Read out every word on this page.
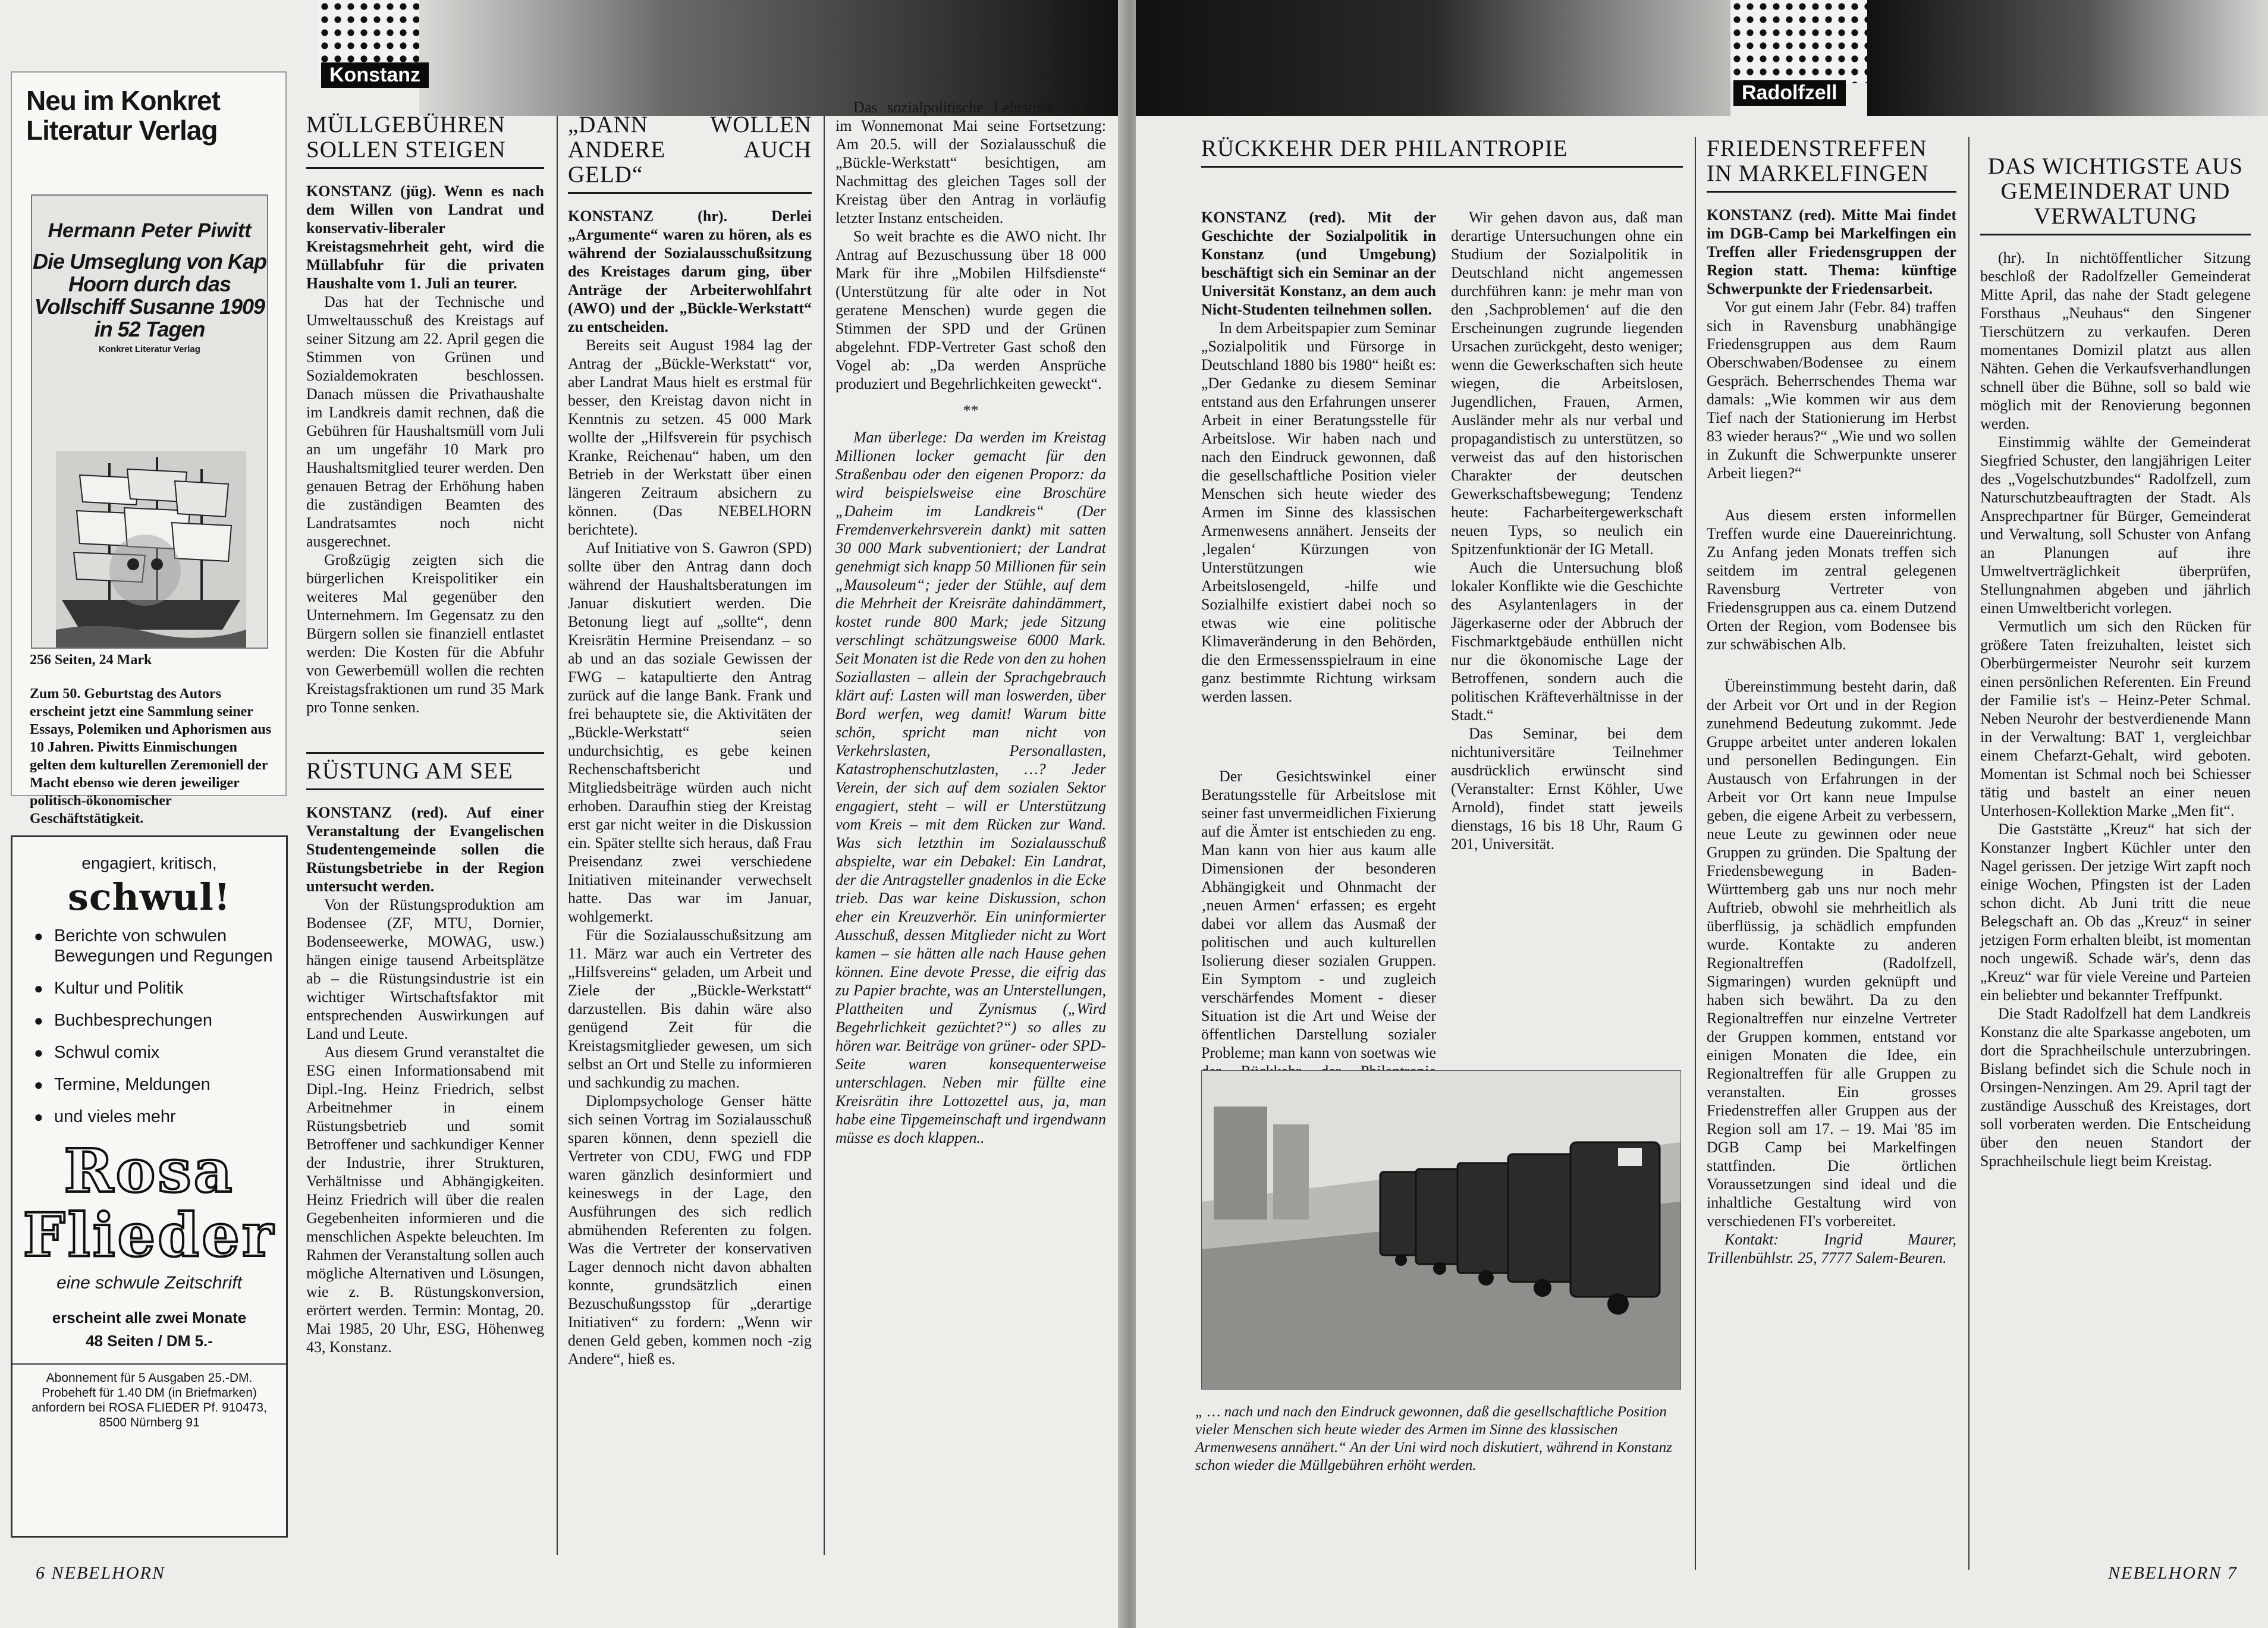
Konstanz
Neu im Konkret Literatur Verlag
Hermann Peter Piwitt
Die Umseglung von Kap Hoorn durch das Vollschiff Susanne 1909 in 52 Tagen
Konkret Literatur Verlag
256 Seiten, 24 Mark
Zum 50. Geburtstag des Autors erscheint jetzt eine Sammlung seiner Essays, Polemiken und Aphorismen aus 10 Jahren. Piwitts Einmischungen gelten dem kulturellen Zeremoniell der Macht ebenso wie deren jeweiliger politisch-ökonomischer Geschäftstätigkeit.
engagiert, kritisch,
schwul!
● Berichte von schwulen Bewegungen und Regungen
● Kultur und Politik
● Buchbesprechungen
● Schwul comix
● Termine, Meldungen
● und vieles mehr
Rosa
Flieder
eine schwule Zeitschrift
erscheint alle zwei Monate
48 Seiten / DM 5.-
Abonnement für 5 Ausgaben 25.-DM. Probeheft für 1.40 DM (in Briefmarken) anfordern bei ROSA FLIEDER Pf. 910473, 8500 Nürnberg 91
MÜLLGEBÜHREN SOLLEN STEIGEN

KONSTANZ (jüg). Wenn es nach dem Willen von Landrat und konservativ-liberaler Kreistagsmehrheit geht, wird die Müllabfuhr für die privaten Haushalte vom 1. Juli an teurer.

Das hat der Technische und Umweltausschuß des Kreistags auf seiner Sitzung am 22. April gegen die Stimmen von Grünen und Sozialdemokraten beschlossen. Danach müssen die Privathaushalte im Landkreis damit rechnen, daß die Gebühren für Haushaltsmüll vom Juli an um ungefähr 10 Mark pro Haushaltsmitglied teurer werden. Den genauen Betrag der Erhöhung haben die zuständigen Beamten des Landratsamtes noch nicht ausgerechnet.

Großzügig zeigten sich die bürgerlichen Kreispolitiker ein weiteres Mal gegenüber den Unternehmern. Im Gegensatz zu den Bürgern sollen sie finanziell entlastet werden: Die Kosten für die Abfuhr von Gewerbemüll wollen die rechten Kreistagsfraktionen um rund 35 Mark pro Tonne senken.

RÜSTUNG AM SEE

KONSTANZ (red). Auf einer Veranstaltung der Evangelischen Studentengemeinde sollen die Rüstungsbetriebe in der Region untersucht werden.

Von der Rüstungsproduktion am Bodensee (ZF, MTU, Dornier, Bodenseewerke, MOWAG, usw.) hängen einige tausend Arbeitsplätze ab – die Rüstungsindustrie ist ein wichtiger Wirtschaftsfaktor mit entsprechenden Auswirkungen auf Land und Leute.

Aus diesem Grund veranstaltet die ESG einen Informationsabend mit Dipl.-Ing. Heinz Friedrich, selbst Arbeitnehmer in einem Rüstungsbetrieb und somit Betroffener und sachkundiger Kenner der Industrie, ihrer Strukturen, Verhältnisse und Abhängigkeiten. Heinz Friedrich will über die realen Gegebenheiten informieren und die menschlichen Aspekte beleuchten. Im Rahmen der Veranstaltung sollen auch mögliche Alternativen und Lösungen, wie z. B. Rüstungskonversion, erörtert werden. Termin: Montag, 20. Mai 1985, 20 Uhr, ESG, Höhenweg 43, Konstanz.

„DANN WOLLEN ANDERE AUCH GELD“

KONSTANZ (hr). Derlei „Argumente“ waren zu hören, als es während der Sozialausschußsitzung des Kreistages darum ging, über Anträge der Arbeiterwohlfahrt (AWO) und der „Bückle-Werkstatt“ zu entscheiden.

Bereits seit August 1984 lag der Antrag der „Bückle-Werkstatt“ vor, aber Landrat Maus hielt es erstmal für besser, den Kreistag davon nicht in Kenntnis zu setzen. 45 000 Mark wollte der „Hilfsverein für psychisch Kranke, Reichenau“ haben, um den Betrieb in der Werkstatt über einen längeren Zeitraum absichern zu können. (Das NEBELHORN berichtete).

Auf Initiative von S. Gawron (SPD) sollte über den Antrag dann doch während der Haushaltsberatungen im Januar diskutiert werden. Die Betonung liegt auf „sollte“, denn Kreisrätin Hermine Preisendanz – so ab und an das soziale Gewissen der FWG – katapultierte den Antrag zurück auf die lange Bank. Frank und frei behauptete sie, die Aktivitäten der „Bückle-Werkstatt“ seien undurchsichtig, es gebe keinen Rechenschaftsbericht und Mitgliedsbeiträge würden auch nicht erhoben. Daraufhin stieg der Kreistag erst gar nicht weiter in die Diskussion ein. Später stellte sich heraus, daß Frau Preisendanz zwei verschiedene Initiativen miteinander verwechselt hatte. Das war im Januar, wohlgemerkt.

Für die Sozialausschußsitzung am 11. März war auch ein Vertreter des „Hilfsvereins“ geladen, um Arbeit und Ziele der „Bückle-Werkstatt“ darzustellen. Bis dahin wäre also genügend Zeit für die Kreistagsmitglieder gewesen, um sich selbst an Ort und Stelle zu informieren und sachkundig zu machen.

Diplompsychologe Genser hätte sich seinen Vortrag im Sozialausschuß sparen können, denn speziell die Vertreter von CDU, FWG und FDP waren gänzlich desinformiert und keineswegs in der Lage, den Ausführungen des sich redlich abmühenden Referenten zu folgen. Was die Vertreter der konservativen Lager dennoch nicht davon abhalten konnte, grundsätzlich einen Bezuschußungsstop für „derartige Initiativen“ zu fordern: „Wenn wir denen Geld geben, kommen noch -zig Andere“, hieß es.

Das sozialpolitische Lehrstück erfährt im Wonnemonat Mai seine Fortsetzung: Am 20.5. will der Sozialausschuß die „Bückle-Werkstatt“ besichtigen, am Nachmittag des gleichen Tages soll der Kreistag über den Antrag in vorläufig letzter Instanz entscheiden.

So weit brachte es die AWO nicht. Ihr Antrag auf Bezuschussung über 18 000 Mark für ihre „Mobilen Hilfsdienste“ (Unterstützung für alte oder in Not geratene Menschen) wurde gegen die Stimmen der SPD und der Grünen abgelehnt. FDP-Vertreter Gast schoß den Vogel ab: „Da werden Ansprüche produziert und Begehrlichkeiten geweckt“.

**

Man überlege: Da werden im Kreistag Millionen locker gemacht für den Straßenbau oder den eigenen Proporz: da wird beispielsweise eine Broschüre „Daheim im Landkreis“ (Der Fremdenverkehrsverein dankt) mit satten 30 000 Mark subventioniert; der Landrat genehmigt sich knapp 50 Millionen für sein „Mausoleum“; jeder der Stühle, auf dem die Mehrheit der Kreisräte dahindämmert, kostet runde 800 Mark; jede Sitzung verschlingt schätzungsweise 6000 Mark. Seit Monaten ist die Rede von den zu hohen Soziallasten – allein der Sprachgebrauch klärt auf: Lasten will man loswerden, über Bord werfen, weg damit! Warum bitte schön, spricht man nicht von Verkehrslasten, Personallasten, Katastrophenschutzlasten, …? Jeder Verein, der sich auf dem sozialen Sektor engagiert, steht – will er Unterstützung vom Kreis – mit dem Rücken zur Wand. Was sich letzthin im Sozialausschuß abspielte, war ein Debakel: Ein Landrat, der die Antragsteller gnadenlos in die Ecke trieb. Das war keine Diskussion, schon eher ein Kreuzverhör. Ein uninformierter Ausschuß, dessen Mitglieder nicht zu Wort kamen – sie hätten alle nach Hause gehen können. Eine devote Presse, die eifrig das zu Papier brachte, was an Unterstellungen, Plattheiten und Zynismus („Wird Begehrlichkeit gezüchtet?“) so alles zu hören war. Beiträge von grüner- oder SPD-Seite waren konsequenterweise unterschlagen. Neben mir füllte eine Kreisrätin ihre Lottozettel aus, ja, man habe eine Tipgemeinschaft und irgendwann müsse es doch klappen..

6 NEBELHORN
Radolfzell
RÜCKKEHR DER PHILANTROPIE

KONSTANZ (red). Mit der Geschichte der Sozialpolitik in Konstanz (und Umgebung) beschäftigt sich ein Seminar an der Universität Konstanz, an dem auch Nicht-Studenten teilnehmen sollen.

In dem Arbeitspapier zum Seminar „Sozialpolitik und Fürsorge in Deutschland 1880 bis 1980“ heißt es: „Der Gedanke zu diesem Seminar entstand aus den Erfahrungen unserer Arbeit in einer Beratungsstelle für Arbeitslose. Wir haben nach und nach den Eindruck gewonnen, daß die gesellschaftliche Position vieler Menschen sich heute wieder des Armen im Sinne des klassischen Armenwesens annähert. Jenseits der ‚legalen‘ Kürzungen von Unterstützungen wie Arbeitslosengeld, -hilfe und Sozialhilfe existiert dabei noch so etwas wie eine politische Klimaveränderung in den Behörden, die den Ermessensspielraum in eine ganz bestimmte Richtung wirksam werden lassen.

Wir gehen davon aus, daß man derartige Untersuchungen ohne ein Studium der Sozialpolitik in Deutschland nicht angemessen durchführen kann: je mehr man von den ‚Sachproblemen‘ auf die den Erscheinungen zugrunde liegenden Ursachen zurückgeht, desto weniger; wenn die Gewerkschaften sich heute wiegen, die Arbeitslosen, Jugendlichen, Frauen, Armen, Ausländer mehr als nur verbal und propagandistisch zu unterstützen, so verweist das auf den historischen Charakter der deutschen Gewerkschaftsbewegung; Tendenz heute: Facharbeitergewerkschaft neuen Typs, so neulich ein Spitzenfunktionär der IG Metall.

Auch die Untersuchung bloß lokaler Konflikte wie die Geschichte des Asylantenlagers in der Jägerkaserne oder der Abbruch der Fischmarktgebäude enthüllen nicht nur die ökonomische Lage der Betroffenen, sondern auch die politischen Kräfteverhältnisse in der Stadt.“

Das Seminar, bei dem nichtuniversitäre Teilnehmer ausdrücklich erwünscht sind (Veranstalter: Ernst Köhler, Uwe Arnold), findet statt jeweils dienstags, 16 bis 18 Uhr, Raum G 201, Universität.

Der Gesichtswinkel einer Beratungsstelle für Arbeitslose mit seiner fast unvermeidlichen Fixierung auf die Ämter ist entschieden zu eng. Man kann von hier aus kaum alle Dimensionen der besonderen Abhängigkeit und Ohnmacht der ‚neuen Armen‘ erfassen; es ergeht dabei vor allem das Ausmaß der politischen und auch kulturellen Isolierung dieser sozialen Gruppen. Ein Symptom - und zugleich verschärfendes Moment - dieser Situation ist die Art und Weise der öffentlichen Darstellung sozialer Probleme; man kann von soetwas wie

„ … nach und nach den Eindruck gewonnen, daß die gesellschaftliche Position vieler Menschen sich heute wieder des Armen im Sinne des klassischen Armenwesens annähert.“ An der Uni wird noch diskutiert, während in Konstanz schon wieder die Müllgebühren erhöht werden.
FRIEDENSTREFFEN IN MARKELFINGEN

KONSTANZ (red). Mitte Mai findet im DGB-Camp bei Markelfingen ein Treffen aller Friedensgruppen der Region statt. Thema: künftige Schwerpunkte der Friedensarbeit.

Vor gut einem Jahr (Febr. 84) traffen sich in Ravensburg unabhängige Friedensgruppen aus dem Raum Oberschwaben/Bodensee zu einem Gespräch. Beherrschendes Thema war damals: „Wie kommen wir aus dem Tief nach der Stationierung im Herbst 83 wieder heraus?“ „Wie und wo sollen in Zukunft die Schwerpunkte unserer Arbeit liegen?“

Aus diesem ersten informellen Treffen wurde eine Dauereinrichtung. Zu Anfang jeden Monats treffen sich seitdem im zentral gelegenen Ravensburg Vertreter von Friedensgruppen aus ca. einem Dutzend Orten der Region, vom Bodensee bis zur schwäbischen Alb.

Übereinstimmung besteht darin, daß der Arbeit vor Ort und in der Region zunehmend Bedeutung zukommt. Jede Gruppe arbeitet unter anderen lokalen und personellen Bedingungen. Ein Austausch von Erfahrungen in der Arbeit vor Ort kann neue Impulse geben, die eigene Arbeit zu verbessern, neue Leute zu gewinnen oder neue Gruppen zu gründen. Die Spaltung der Friedensbewegung in Baden-Württemberg gab uns nur noch mehr Auftrieb, obwohl sie mehrheitlich als überflüssig, ja schädlich empfunden wurde. Kontakte zu anderen Regionaltreffen (Radolfzell, Sigmaringen) wurden geknüpft und haben sich bewährt. Da zu den Regionaltreffen nur einzelne Vertreter der Gruppen kommen, entstand vor einigen Monaten die Idee, ein Regionaltreffen für alle Gruppen zu veranstalten. Ein grosses Friedenstreffen aller Gruppen aus der Region soll am 17. – 19. Mai '85 im DGB Camp bei Markelfingen stattfinden. Die örtlichen Voraussetzungen sind ideal und die inhaltliche Gestaltung wird von verschiedenen FI's vorbereitet.

Kontakt: Ingrid Maurer, Trillenbühlstr. 25, 7777 Salem-Beuren.

DAS WICHTIGSTE AUS GEMEINDERAT UND VERWALTUNG

(hr). In nichtöffentlicher Sitzung beschloß der Radolfzeller Gemeinderat Mitte April, das nahe der Stadt gelegene Forsthaus „Neuhaus“ den Singener Tierschützern zu verkaufen. Deren momentanes Domizil platzt aus allen Nähten. Gehen die Verkaufsverhandlungen schnell über die Bühne, soll so bald wie möglich mit der Renovierung begonnen werden.

Einstimmig wählte der Gemeinderat Siegfried Schuster, den langjährigen Leiter des „Vogelschutzbundes“ Radolfzell, zum Naturschutzbeauftragten der Stadt. Als Ansprechpartner für Bürger, Gemeinderat und Verwaltung, soll Schuster von Anfang an Planungen auf ihre Umweltverträglichkeit überprüfen, Stellungnahmen abgeben und jährlich einen Umweltbericht vorlegen.

Vermutlich um sich den Rücken für größere Taten freizuhalten, leistet sich Oberbürgermeister Neurohr seit kurzem einen persönlichen Referenten. Ein Freund der Familie ist's – Heinz-Peter Schmal. Neben Neurohr der bestverdienende Mann in der Verwaltung: BAT 1, vergleichbar einem Chefarzt-Gehalt, wird geboten. Momentan ist Schmal noch bei Schiesser tätig und bastelt an einer neuen Unterhosen-Kollektion Marke „Men fit“.

Die Gaststätte „Kreuz“ hat sich der Konstanzer Ingbert Küchler unter den Nagel gerissen. Der jetzige Wirt zapft noch einige Wochen, Pfingsten ist der Laden schon dicht. Ab Juni tritt die neue Belegschaft an. Ob das „Kreuz“ in seiner jetzigen Form erhalten bleibt, ist momentan noch ungewiß. Schade wär's, denn das „Kreuz“ war für viele Vereine und Parteien ein beliebter und bekannter Treffpunkt.

Die Stadt Radolfzell hat dem Landkreis Konstanz die alte Sparkasse angeboten, um dort die Sprachheilschule unterzubringen. Bislang befindet sich die Schule noch in Orsingen-Nenzingen. Am 29. April tagt der zuständige Ausschuß des Kreistages, dort soll vorberaten werden. Die Entscheidung über den neuen Standort der Sprachheilschule liegt beim Kreistag.

NEBELHORN 7
